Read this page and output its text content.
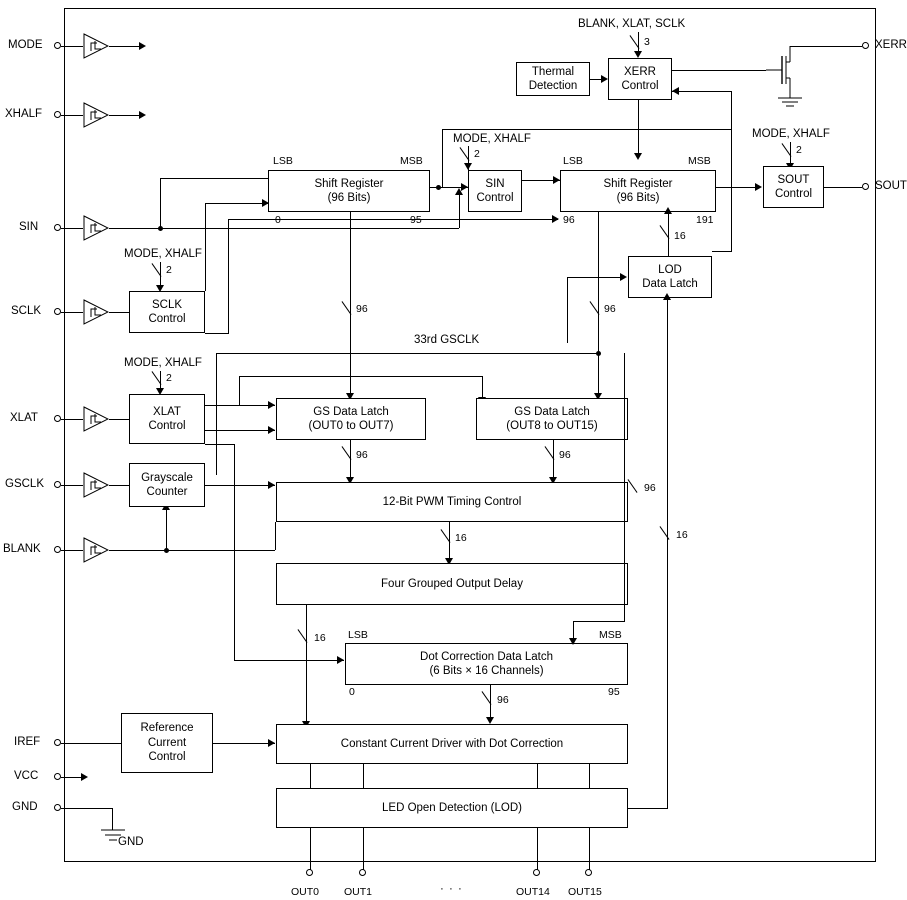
MODE
XHALF
SIN
SCLK
XLAT
GSCLK
BLANK
IREF
VCC
GND
GND
XERR
SOUT
BLANK, XLAT, SCLK
3
Thermal
Detection
XERR
Control
LSB	MSB
Shift Register
(96 Bits)
0	95
MODE, XHALF
2
SIN
Control
LSB	MSB
Shift Register
(96 Bits)
96	191
MODE, XHALF
2
SOUT
Control
MODE, XHALF
2
SCLK
Control
LOD
Data Latch
16
96	96
33rd GSCLK
MODE, XHALF
2
XLAT
Control
Grayscale
Counter
GS Data Latch
(OUT0 to OUT7)
GS Data Latch
(OUT8 to OUT15)
96	96
12-Bit PWM Timing Control
16
96
16
Four Grouped Output Delay
16 LSB	MSB
Dot Correction Data Latch
(6 Bits × 16 Channels)
0	95
96
Reference
Current
Control
Constant Current Driver with Dot Correction
LED Open Detection (LOD)
OUT0 OUT1	· · ·	OUT14 OUT15
